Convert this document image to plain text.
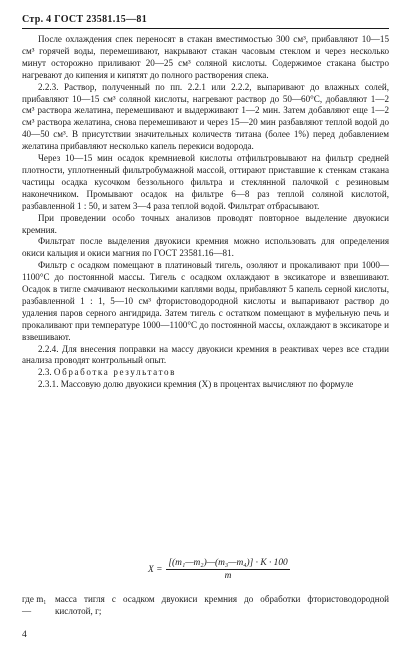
Стр. 4 ГОСТ 23581.15—81

После охлаждения спек переносят в стакан вместимостью 300 см³, прибавляют 10—15 см³ горячей воды, перемешивают, накрывают стакан часовым стеклом и через несколько минут осторожно приливают 20—25 см³ соляной кислоты. Содержимое стакана быстро нагревают до кипения и кипятят до полного растворения спека.

2.2.3. Раствор, полученный по пп. 2.2.1 или 2.2.2, выпаривают до влажных солей, прибавляют 10—15 см³ соляной кислоты, нагревают раствор до 50—60°С, добавляют 1—2 см³ раствора желатина, перемешивают и выдерживают 1—2 мин. Затем добавляют еще 1—2 см³ раствора желатина, снова перемешивают и через 15—20 мин разбавляют теплой водой до 40—50 см³. В присутствии значительных количеств титана (более 1%) перед добавлением желатина прибавляют несколько капель перекиси водорода.

Через 10—15 мин осадок кремниевой кислоты отфильтровывают на фильтр средней плотности, уплотненный фильтробумажной массой, оттирают приставшие к стенкам стакана частицы осадка кусочком беззольного фильтра и стеклянной палочкой с резиновым наконечником. Промывают осадок на фильтре 6—8 раз теплой соляной кислотой, разбавленной 1 : 50, и затем 3—4 раза теплой водой. Фильтрат отбрасывают.

При проведении особо точных анализов проводят повторное выделение двуокиси кремния.

Фильтрат после выделения двуокиси кремния можно использовать для определения окиси кальция и окиси магния по ГОСТ 23581.16—81.

Фильтр с осадком помещают в платиновый тигель, озоляют и прокаливают при 1000—1100°С до постоянной массы. Тигель с осадком охлаждают в эксикаторе и взвешивают. Осадок в тигле смачивают несколькими каплями воды, прибавляют 5 капель серной кислоты, разбавленной 1 : 1, 5—10 см³ фтористоводородной кислоты и выпаривают раствор до удаления паров серного ангидрида. Затем тигель с остатком помещают в муфельную печь и прокаливают при температуре 1000—1100°С до постоянной массы, охлаждают в эксикаторе и взвешивают.

2.2.4. Для внесения поправки на массу двуокиси кремния в реактивах через все стадии анализа проводят контрольный опыт.

2.3. Обработка результатов

2.3.1. Массовую долю двуокиси кремния (X) в процентах вычисляют по формуле

$X = \frac{\text{[(m₁—m₂)—(m₃—m₄)] · K · 100}}{m}$
где m₁ —
масса тигля с осадком двуокиси кремния до обработки фтористоводородной кислотой, г;
4
